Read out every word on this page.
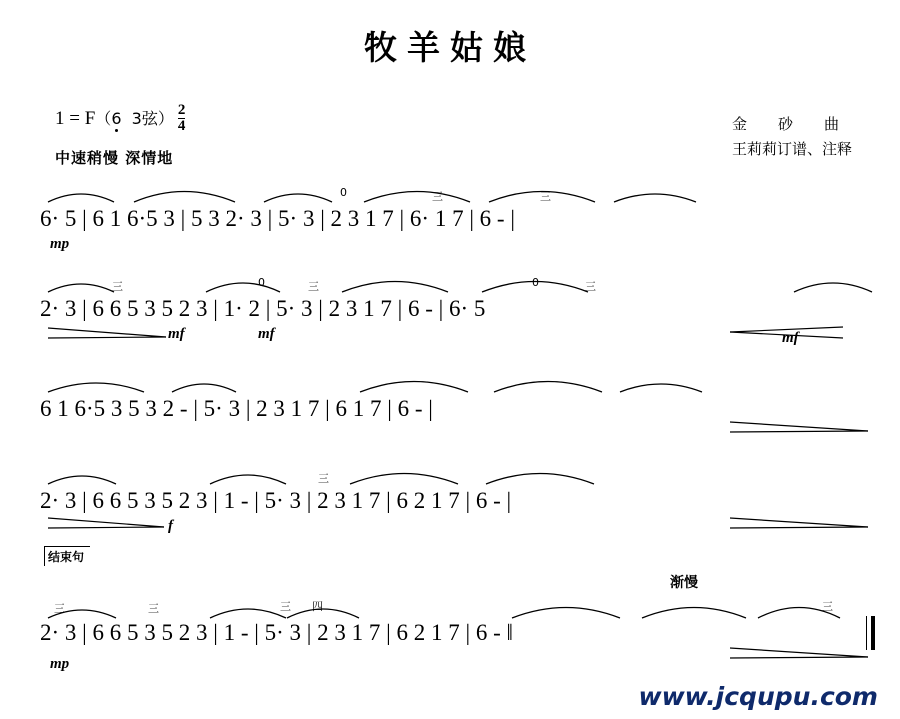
牧羊姑娘
1 = F（6  3弦） $\frac{2}{4}$
中速稍慢 深情地
金　砂　曲
王莉莉订谱、注释
三
0	三
6· 5 | 6 1 6·5 3 | 5 3 2· 3 | 5· 3 | 2 3 1 7 | 6· 1 7 | 6 - |
mp
三	0	三	0	三
2· 3 | 6 6 5 3 5 2 3 | 1· 2 | 5· 3 | 2 3 1 7 | 6 - | 6· 5
mf	mf	mf
6 1 6·5 3 5 3 2 - | 5· 3 | 2 3 1 7 | 6 1 7 | 6 - |
三
2· 3 | 6 6 5 3 5 2 3 | 1 - | 5· 3 | 2 3 1 7 | 6 2 1 7 | 6 - |
f
结束句
渐慢
三	三	三 四	三
2· 3 | 6 6 5 3 5 2 3 | 1 - | 5· 3 | 2 3 1 7 | 6 2 1 7 | 6 - ‖
mp
www.jcqupu.com
